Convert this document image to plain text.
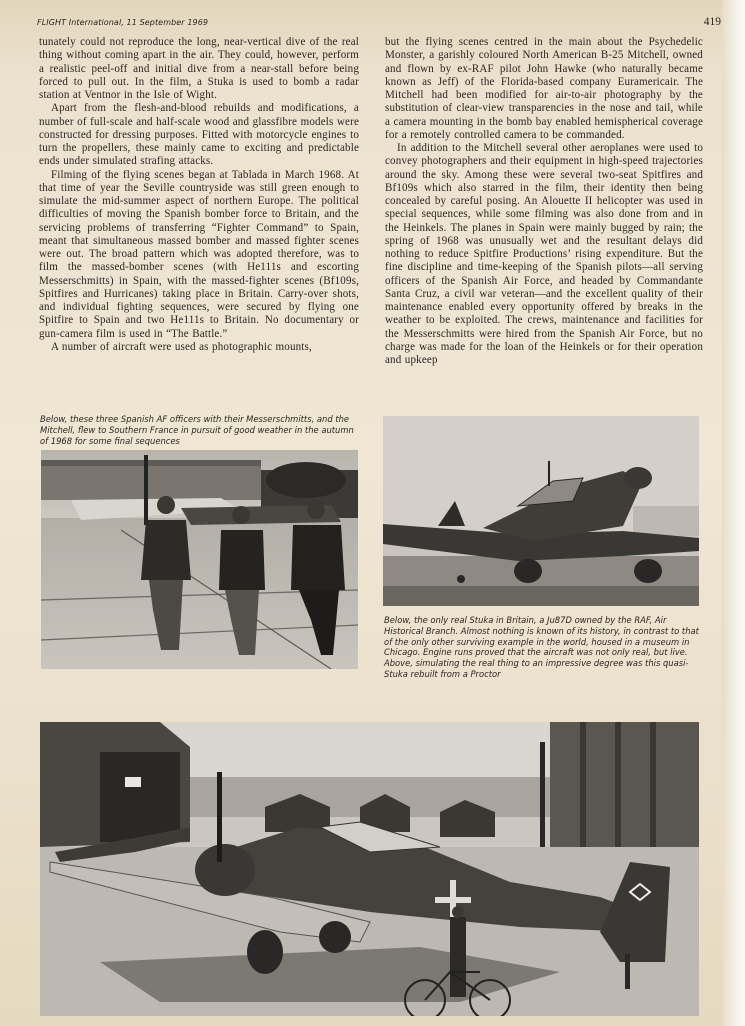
FLIGHT International, 11 September 1969	419

tunately could not reproduce the long, near-vertical dive of the real thing without coming apart in the air. They could, however, perform a realistic peel-off and initial dive from a near-stall before being forced to pull out. In the film, a Stuka is used to bomb a radar station at Ventnor in the Isle of Wight.

Apart from the flesh-and-blood rebuilds and modifications, a number of full-scale and half-scale wood and glassfibre models were constructed for dressing purposes. Fitted with motorcycle engines to turn the propellers, these mainly came to exciting and predictable ends under simulated strafing attacks.

Filming of the flying scenes began at Tablada in March 1968. At that time of year the Seville countryside was still green enough to simulate the mid-summer aspect of northern Europe. The political difficulties of moving the Spanish bomber force to Britain, and the servicing problems of transferring “Fighter Command” to Spain, meant that simultaneous massed bomber and massed fighter scenes were out. The broad pattern which was adopted therefore, was to film the massed-bomber scenes (with He111s and escorting Messerschmitts) in Spain, with the massed-fighter scenes (Bf109s, Spitfires and Hurricanes) taking place in Britain. Carry-over shots, and individual fighting sequences, were secured by flying one Spitfire to Spain and two He111s to Britain. No documentary or gun-camera film is used in “The Battle.”

A number of aircraft were used as photographic mounts,

but the flying scenes centred in the main about the Psychedelic Monster, a garishly coloured North American B-25 Mitchell, owned and flown by ex-RAF pilot John Hawke (who naturally became known as Jeff) of the Florida-based company Euramericair. The Mitchell had been modified for air-to-air photography by the substitution of clear-view transparencies in the nose and tail, while a camera mounting in the bomb bay enabled hemispherical coverage for a remotely controlled camera to be commanded.

In addition to the Mitchell several other aeroplanes were used to convey photographers and their equipment in high-speed trajectories around the sky. Among these were several two-seat Spitfires and Bf109s which also starred in the film, their identity then being concealed by careful posing. An Alouette II helicopter was used in special sequences, while some filming was also done from and in the Heinkels. The planes in Spain were mainly bugged by rain; the spring of 1968 was unusually wet and the resultant delays did nothing to reduce Spitfire Productions’ rising expenditure. But the fine discipline and time-keeping of the Spanish pilots—all serving officers of the Spanish Air Force, and headed by Commandante Santa Cruz, a civil war veteran—and the excellent quality of their maintenance enabled every opportunity offered by breaks in the weather to be exploited. The crews, maintenance and facilities for the Messerschmitts were hired from the Spanish Air Force, but no charge was made for the loan of the Heinkels or for their operation and upkeep

Below, these three Spanish AF officers with their Messerschmitts, and the Mitchell, flew to Southern France in pursuit of good weather in the autumn of 1968 for some final sequences
Below, the only real Stuka in Britain, a Ju87D owned by the RAF, Air Historical Branch. Almost nothing is known of its history, in contrast to that of the only other surviving example in the world, housed in a museum in Chicago. Engine runs proved that the aircraft was not only real, but live. Above, simulating the real thing to an impressive degree was this quasi-Stuka rebuilt from a Proctor
